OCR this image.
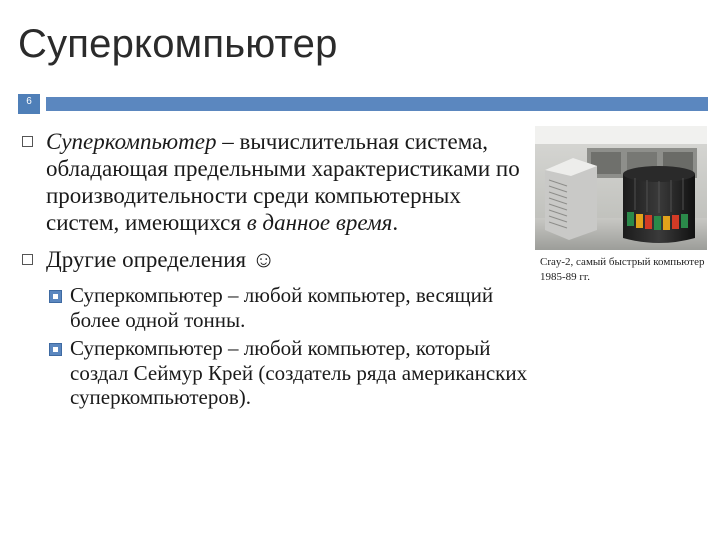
Суперкомпьютер
6
Суперкомпьютер – вычислительная система, обладающая предельными характеристиками по производительности среди компьютерных систем, имеющихся в данное время.
Другие определения ☺
Суперкомпьютер – любой компьютер, весящий более одной тонны.
Суперкомпьютер – любой компьютер, который создал Сеймур Крей (создатель ряда американских суперкомпьютеров).
Cray-2, самый быстрый компьютер 1985-89 гг.
